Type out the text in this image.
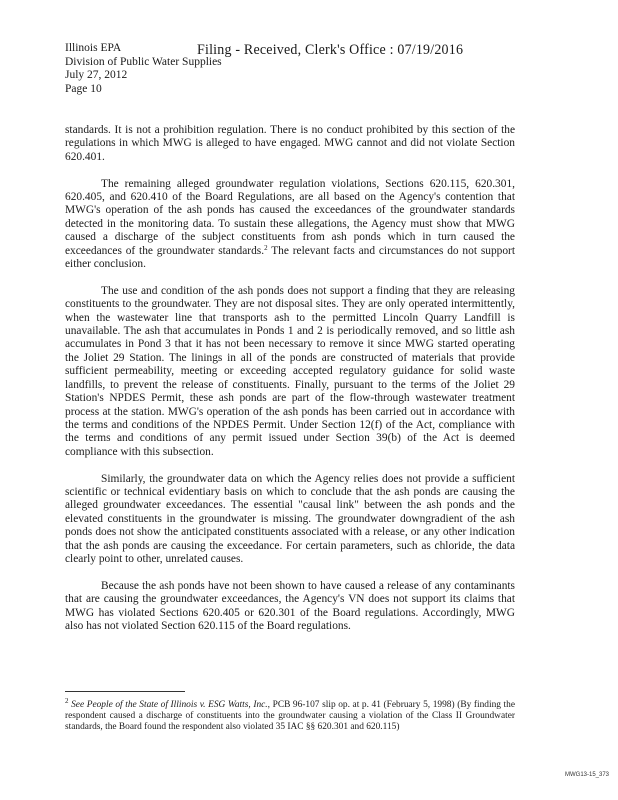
Illinois EPA
Division of Public Water Supplies
July 27, 2012
Page 10
Filing - Received, Clerk's Office : 07/19/2016

standards. It is not a prohibition regulation. There is no conduct prohibited by this section of the regulations in which MWG is alleged to have engaged. MWG cannot and did not violate Section 620.401.

The remaining alleged groundwater regulation violations, Sections 620.115, 620.301, 620.405, and 620.410 of the Board Regulations, are all based on the Agency's contention that MWG's operation of the ash ponds has caused the exceedances of the groundwater standards detected in the monitoring data. To sustain these allegations, the Agency must show that MWG caused a discharge of the subject constituents from ash ponds which in turn caused the exceedances of the groundwater standards.$^2$ The relevant facts and circumstances do not support either conclusion.

The use and condition of the ash ponds does not support a finding that they are releasing constituents to the groundwater. They are not disposal sites. They are only operated intermittently, when the wastewater line that transports ash to the permitted Lincoln Quarry Landfill is unavailable. The ash that accumulates in Ponds 1 and 2 is periodically removed, and so little ash accumulates in Pond 3 that it has not been necessary to remove it since MWG started operating the Joliet 29 Station. The linings in all of the ponds are constructed of materials that provide sufficient permeability, meeting or exceeding accepted regulatory guidance for solid waste landfills, to prevent the release of constituents. Finally, pursuant to the terms of the Joliet 29 Station's NPDES Permit, these ash ponds are part of the flow-through wastewater treatment process at the station. MWG's operation of the ash ponds has been carried out in accordance with the terms and conditions of the NPDES Permit. Under Section 12(f) of the Act, compliance with the terms and conditions of any permit issued under Section 39(b) of the Act is deemed compliance with this subsection.

Similarly, the groundwater data on which the Agency relies does not provide a sufficient scientific or technical evidentiary basis on which to conclude that the ash ponds are causing the alleged groundwater exceedances. The essential "causal link" between the ash ponds and the elevated constituents in the groundwater is missing. The groundwater downgradient of the ash ponds does not show the anticipated constituents associated with a release, or any other indication that the ash ponds are causing the exceedance. For certain parameters, such as chloride, the data clearly point to other, unrelated causes.

Because the ash ponds have not been shown to have caused a release of any contaminants that are causing the groundwater exceedances, the Agency's VN does not support its claims that MWG has violated Sections 620.405 or 620.301 of the Board regulations. Accordingly, MWG also has not violated Section 620.115 of the Board regulations.

$^2$ See People of the State of Illinois v. ESG Watts, Inc., PCB 96-107 slip op. at p. 41 (February 5, 1998) (By finding the respondent caused a discharge of constituents into the groundwater causing a violation of the Class II Groundwater standards, the Board found the respondent also violated 35 IAC §§ 620.301 and 620.115)
MWG13-15_373
